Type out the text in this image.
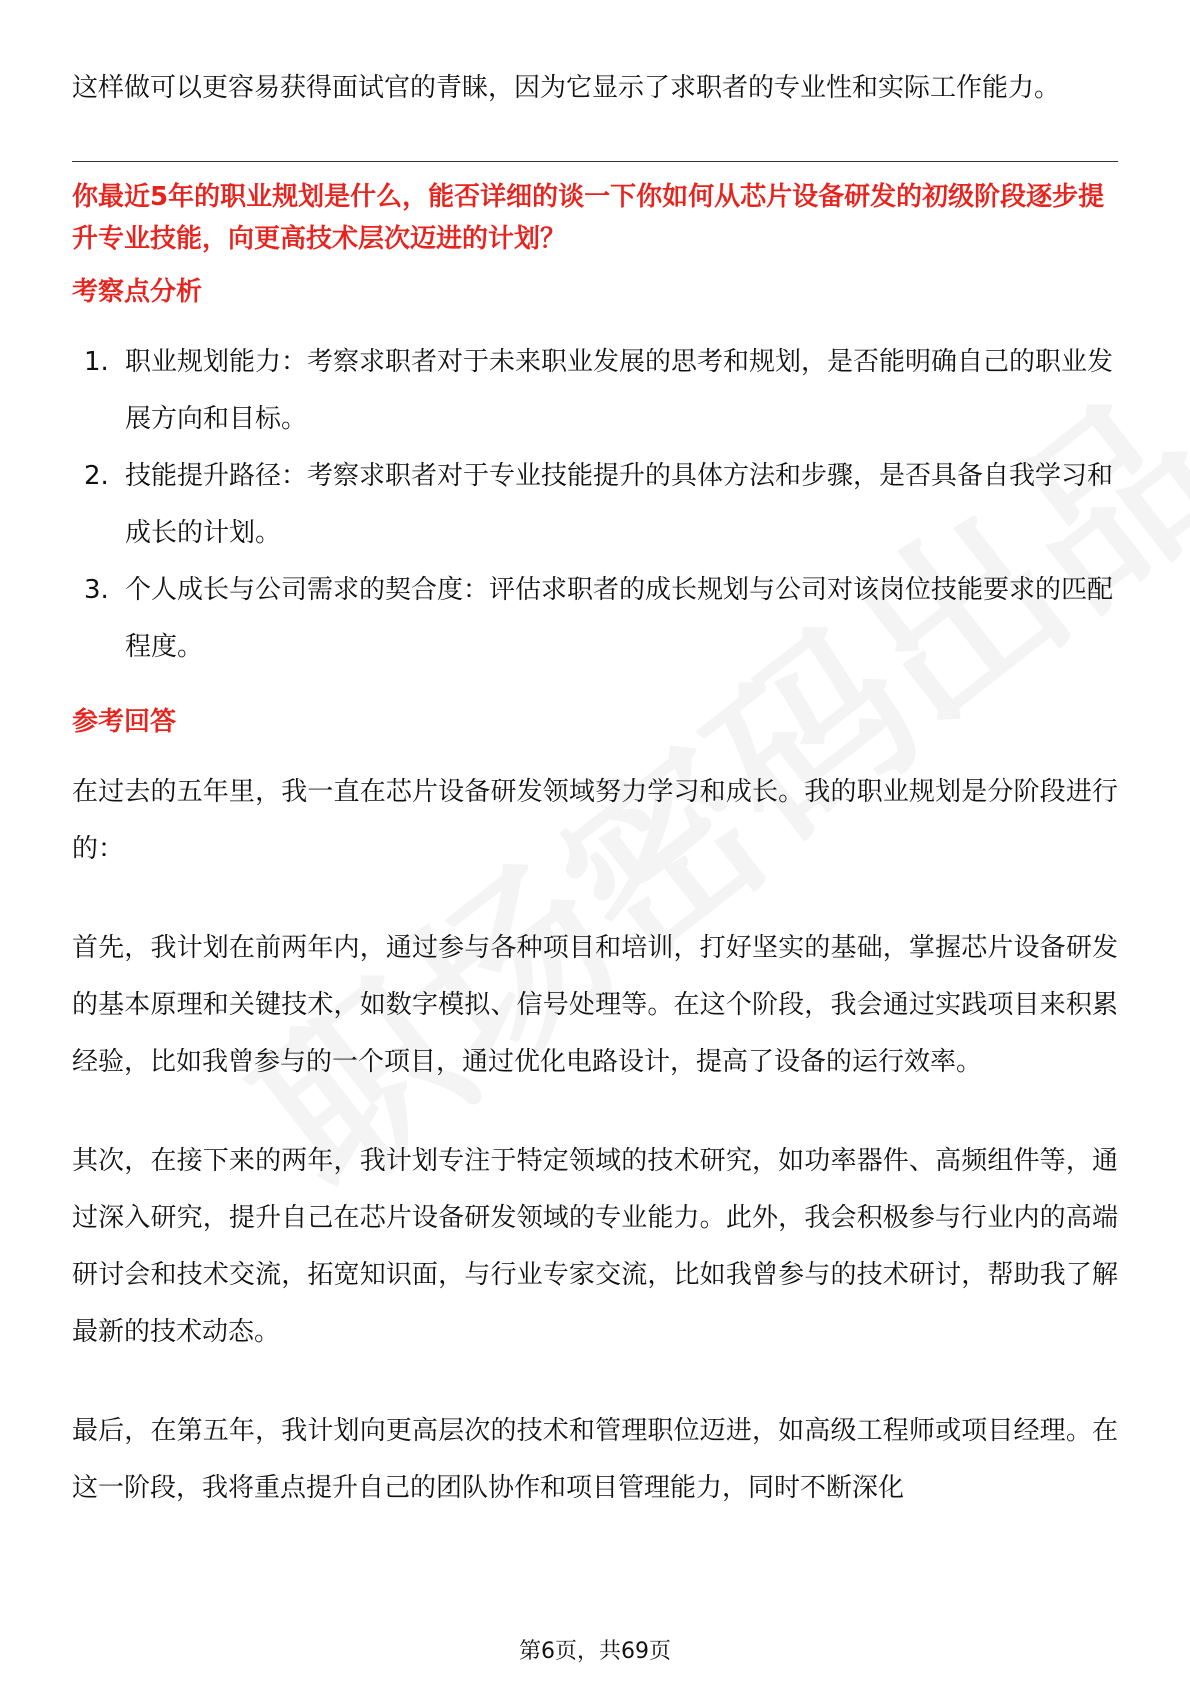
这样做可以更容易获得面试官的青睐，因为它显示了求职者的专业性和实际工作能力。

你最近5年的职业规划是什么，能否详细的谈一下你如何从芯片设备研发的初级阶段逐步提升专业技能，向更高技术层次迈进的计划？
考察点分析
1. 职业规划能力：考察求职者对于未来职业发展的思考和规划，是否能明确自己的职业发展方向和目标。
2. 技能提升路径：考察求职者对于专业技能提升的具体方法和步骤，是否具备自我学习和成长的计划。
3. 个人成长与公司需求的契合度：评估求职者的成长规划与公司对该岗位技能要求的匹配程度。
参考回答

在过去的五年里，我一直在芯片设备研发领域努力学习和成长。我的职业规划是分阶段进行的：

首先，我计划在前两年内，通过参与各种项目和培训，打好坚实的基础，掌握芯片设备研发的基本原理和关键技术，如数字模拟、信号处理等。在这个阶段，我会通过实践项目来积累经验，比如我曾参与的一个项目，通过优化电路设计，提高了设备的运行效率。

其次，在接下来的两年，我计划专注于特定领域的技术研究，如功率器件、高频组件等，通过深入研究，提升自己在芯片设备研发领域的专业能力。此外，我会积极参与行业内的高端研讨会和技术交流，拓宽知识面，与行业专家交流，比如我曾参与的技术研讨，帮助我了解最新的技术动态。

最后，在第五年，我计划向更高层次的技术和管理职位迈进，如高级工程师或项目经理。在这一阶段，我将重点提升自己的团队协作和项目管理能力，同时不断深化

第6页，共69页
